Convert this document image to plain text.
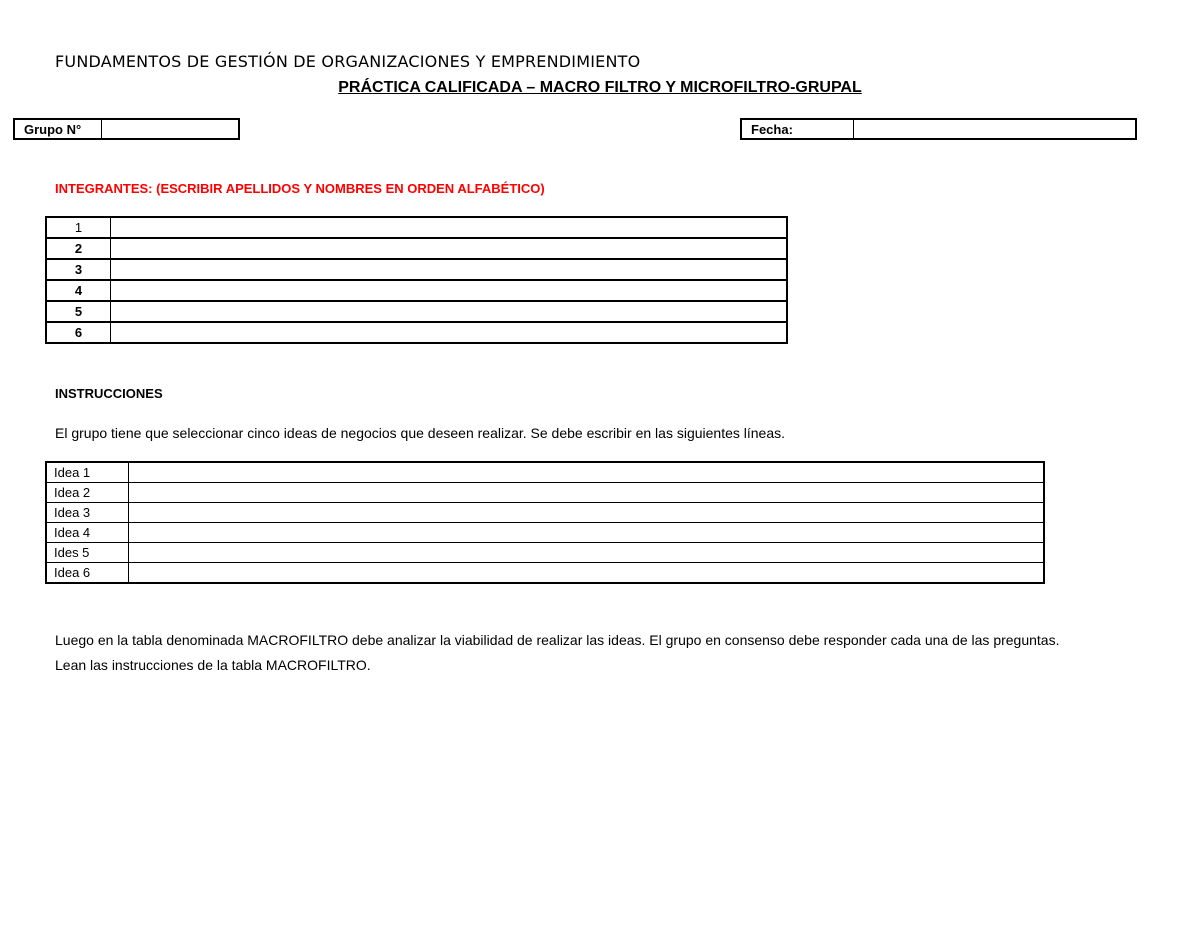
FUNDAMENTOS DE GESTIÓN DE ORGANIZACIONES Y EMPRENDIMIENTO
PRÁCTICA CALIFICADA – MACRO FILTRO Y MICROFILTRO-GRUPAL
Grupo N°	Fecha:
INTEGRANTES: (ESCRIBIR APELLIDOS Y NOMBRES EN ORDEN ALFABÉTICO)
1	
2	
3	
4	
5	
6	
INSTRUCCIONES
El grupo tiene que seleccionar cinco ideas de negocios que deseen realizar. Se debe escribir en las siguientes líneas.
Idea 1	
Idea 2	
Idea 3	
Idea 4	
Ides 5	
Idea 6	
Luego en la tabla denominada MACROFILTRO debe analizar la viabilidad de realizar las ideas. El grupo en consenso debe responder cada una de las preguntas.
Lean las instrucciones de la tabla MACROFILTRO.
